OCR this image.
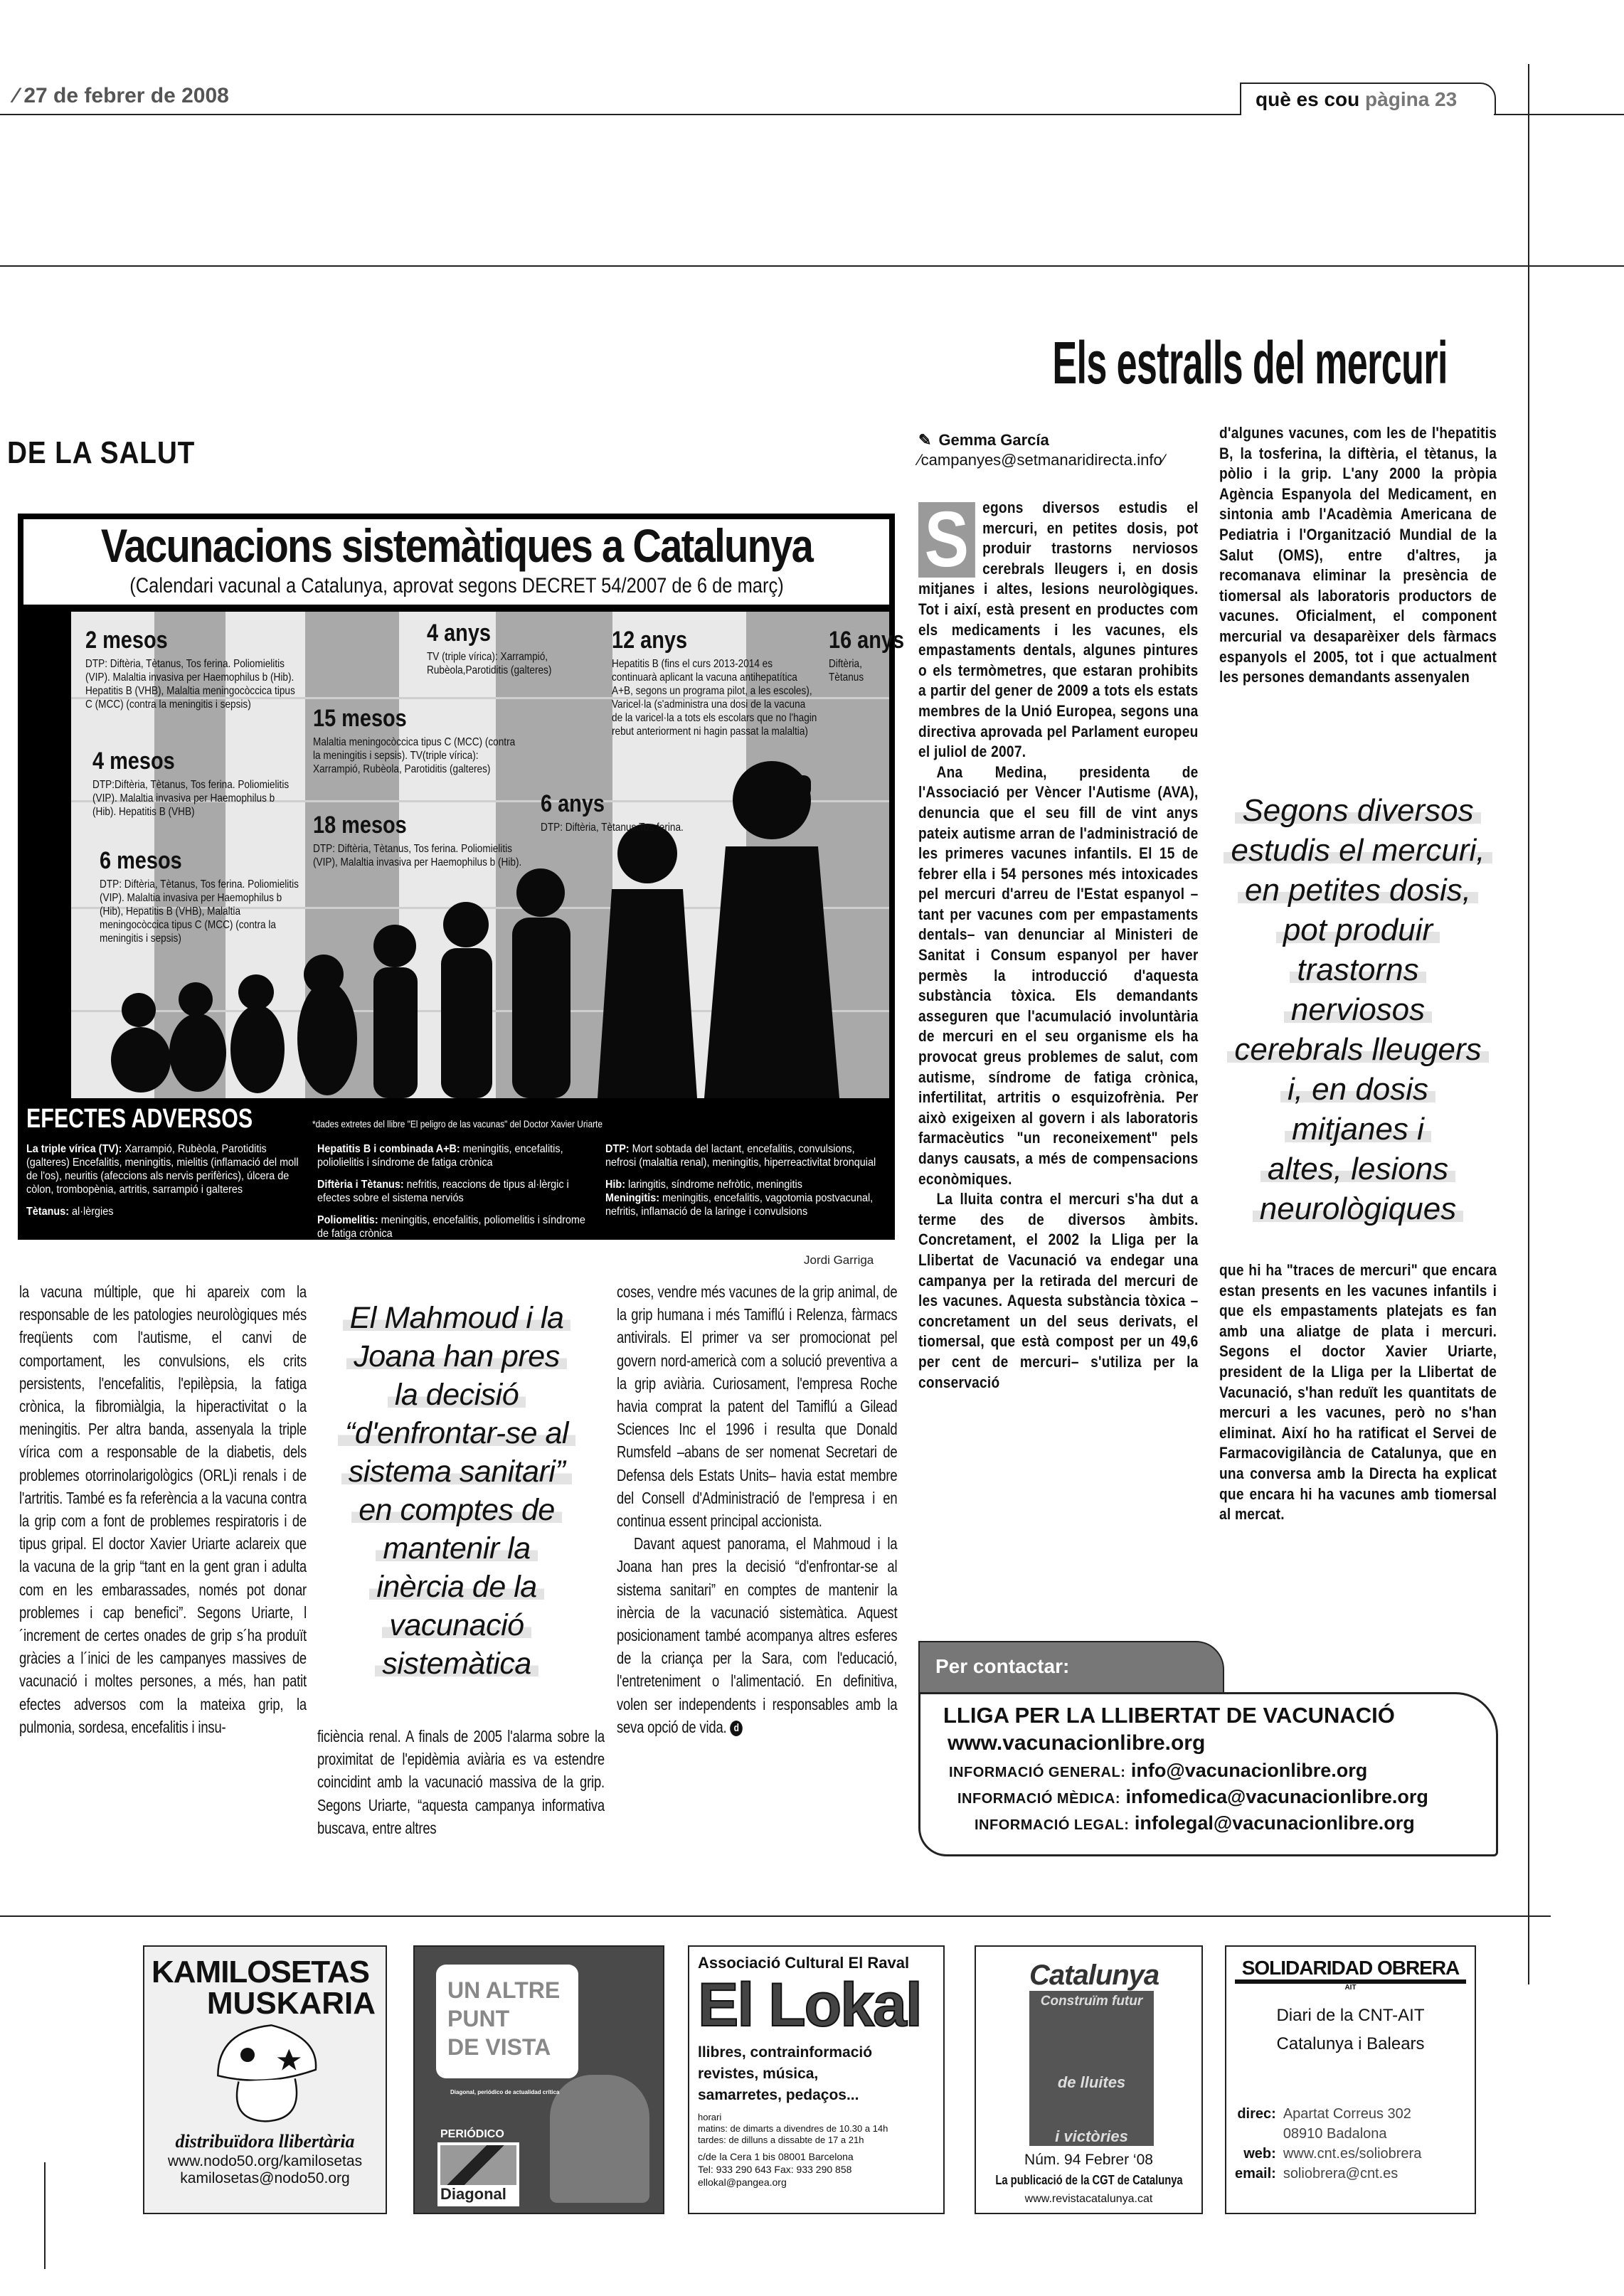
⁄ 27 de febrer de 2008	què es cou pàgina 23
DE LA SALUT
Els estralls del mercuri
Vacunacions sistemàtiques a Catalunya
(Calendari vacunal a Catalunya, aprovat segons DECRET 54/2007 de 6 de març)
2 mesos
DTP: Diftèria, Tètanus, Tos ferina. Poliomielitis (VIP). Malaltia invasiva per Haemophilus b (Hib). Hepatitis B (VHB), Malaltia meningocòccica tipus C (MCC) (contra la meningitis i sepsis)
4 anys
TV (triple vírica): Xarrampió, Rubèola,Parotiditis (galteres)
12 anys
Hepatitis B (fins el curs 2013-2014 es continuarà aplicant la vacuna antihepatítica A+B, segons un programa pilot, a les escoles), Varicel·la (s'administra una dosi de la vacuna de la varicel·la a tots els escolars que no l'hagin rebut anteriorment ni hagin passat la malaltia)
16 anys
Diftèria, Tètanus
15 mesos
Malaltia meningocòccica tipus C (MCC) (contra la meningitis i sepsis). TV(triple vírica): Xarrampió, Rubèola, Parotiditis (galteres)
4 mesos
DTP:Diftèria, Tètanus, Tos ferina. Poliomielitis (VIP). Malaltia invasiva per Haemophilus b (Hib). Hepatitis B (VHB)	6 anys
DTP: Diftèria, Tètanus,Tos ferina.
18 mesos
DTP: Diftèria, Tètanus, Tos ferina. Poliomielitis (VIP), Malaltia invasiva per Haemophilus b (Hib).
6 mesos
DTP: Diftèria, Tètanus, Tos ferina. Poliomielitis (VIP). Malaltia invasiva per Haemophilus b (Hib), Hepatitis B (VHB), Malaltia meningocòccica tipus C (MCC) (contra la meningitis i sepsis)
EFECTES ADVERSOS	*dades extretes del llibre "El peligro de las vacunas" del Doctor Xavier Uriarte

La triple vírica (TV): Xarrampió, Rubèola, Parotiditis (galteres) Encefalitis, meningitis, mielitis (inflamació del moll de l'os), neuritis (afeccions als nervis perifèrics), úlcera de còlon, trombopènia, artritis, sarrampió i galteres

Tètanus: al·lèrgies

Hepatitis B i combinada A+B: meningitis, encefalitis, poliolielitis i síndrome de fatiga crònica

Diftèria i Tètanus: nefritis, reaccions de tipus al·lèrgic i efectes sobre el sistema nerviós

Poliomelitis: meningitis, encefalitis, poliomelitis i síndrome de fatiga crònica

DTP: Mort sobtada del lactant, encefalitis, convulsions, nefrosi (malaltia renal), meningitis, hiperreactivitat bronquial

Hib: laringitis, síndrome nefròtic, meningitis

Meningitis: meningitis, encefalitis, vagotomia postvacunal, nefritis, inflamació de la laringe i convulsions

Jordi Garriga
✎ Gemma García
⁄campanyes@setmanaridirecta.info⁄
S egons diversos estudis el mercuri, en petites dosis, pot produir trastorns nerviosos cerebrals lleugers i, en dosis mitjanes i altes, lesions neurològiques. Tot i així, està present en productes com els medicaments i les vacunes, els empastaments dentals, algunes pintures o els termòmetres, que estaran prohibits a partir del gener de 2009 a tots els estats membres de la Unió Europea, segons una directiva aprovada pel Parlament europeu el juliol de 2007.

Ana Medina, presidenta de l'Associació per Vèncer l'Autisme (AVA), denuncia que el seu fill de vint anys pateix autisme arran de l'administració de les primeres vacunes infantils. El 15 de febrer ella i 54 persones més intoxicades pel mercuri d'arreu de l'Estat espanyol –tant per vacunes com per empastaments dentals– van denunciar al Ministeri de Sanitat i Consum espanyol per haver permès la introducció d'aquesta substància tòxica. Els demandants asseguren que l'acumulació involuntària de mercuri en el seu organisme els ha provocat greus problemes de salut, com autisme, síndrome de fatiga crònica, infertilitat, artritis o esquizofrènia. Per això exigeixen al govern i als laboratoris farmacèutics "un reconeixement" pels danys causats, a més de compensacions econòmiques.

La lluita contra el mercuri s'ha dut a terme des de diversos àmbits. Concretament, el 2002 la Lliga per la Llibertat de Vacunació va endegar una campanya per la retirada del mercuri de les vacunes. Aquesta substància tòxica –concretament un del seus derivats, el tiomersal, que està compost per un 49,6 per cent de mercuri– s'utiliza per la conservació

d'algunes vacunes, com les de l'hepatitis B, la tosferina, la diftèria, el tètanus, la pòlio i la grip. L'any 2000 la pròpia Agència Espanyola del Medicament, en sintonia amb l'Acadèmia Americana de Pediatria i l'Organització Mundial de la Salut (OMS), entre d'altres, ja recomanava eliminar la presència de tiomersal als laboratoris productors de vacunes. Oficialment, el component mercurial va desaparèixer dels fàrmacs espanyols el 2005, tot i que actualment les persones demandants assenyalen

Segons diversos
estudis el mercuri,
en petites dosis,
pot produir
trastorns
nerviosos
cerebrals lleugers
i, en dosis
mitjanes i
altes, lesions
neurològiques

que hi ha "traces de mercuri" que encara estan presents en les vacunes infantils i que els empastaments platejats es fan amb una aliatge de plata i mercuri. Segons el doctor Xavier Uriarte, president de la Lliga per la Llibertat de Vacunació, s'han reduït les quantitats de mercuri a les vacunes, però no s'han eliminat. Així ho ha ratificat el Servei de Farmacovigilància de Catalunya, que en una conversa amb la Directa ha explicat que encara hi ha vacunes amb tiomersal al mercat.

la vacuna múltiple, que hi apareix com la responsable de les patologies neurològiques més freqüents com l'autisme, el canvi de comportament, les convulsions, els crits persistents, l'encefalitis, l'epilèpsia, la fatiga crònica, la fibromiàlgia, la hiperactivitat o la meningitis. Per altra banda, assenyala la triple vírica com a responsable de la diabetis, dels problemes otorrinolarigològics (ORL)i renals i de l'artritis. També es fa referència a la vacuna contra la grip com a font de problemes respiratoris i de tipus gripal. El doctor Xavier Uriarte aclareix que la vacuna de la grip “tant en la gent gran i adulta com en les embarassades, només pot donar problemes i cap benefici”. Segons Uriarte, l´increment de certes onades de grip s´ha produït gràcies a l´inici de les campanyes massives de vacunació i moltes persones, a més, han patit efectes adversos com la mateixa grip, la pulmonia, sordesa, encefalitis i insu-

El Mahmoud i la
Joana han pres
la decisió
“d'enfrontar-se al
sistema sanitari”
en comptes de
mantenir la
inèrcia de la
vacunació
sistemàtica

ficiència renal. A finals de 2005 l'alarma sobre la proximitat de l'epidèmia aviària es va estendre coincidint amb la vacunació massiva de la grip. Segons Uriarte, “aquesta campanya informativa buscava, entre altres

coses, vendre més vacunes de la grip animal, de la grip humana i més Tamiflú i Relenza, fàrmacs antivirals. El primer va ser promocionat pel govern nord-americà com a solució preventiva a la grip aviària. Curiosament, l'empresa Roche havia comprat la patent del Tamiflú a Gilead Sciences Inc el 1996 i resulta que Donald Rumsfeld –abans de ser nomenat Secretari de Defensa dels Estats Units– havia estat membre del Consell d'Administració de l'empresa i en continua essent principal accionista.

Davant aquest panorama, el Mahmoud i la Joana han pres la decisió “d'enfrontar-se al sistema sanitari” en comptes de mantenir la inèrcia de la vacunació sistemàtica. Aquest posicionament també acompanya altres esferes de la criança per la Sara, com l'educació, l'entreteniment o l'alimentació. En definitiva, volen ser independents i responsables amb la seva opció de vida. d

Per contactar:
LLIGA PER LA LLIBERTAT DE VACUNACIÓ
www.vacunacionlibre.org
INFORMACIÓ GENERAL: info@vacunacionlibre.org
INFORMACIÓ MÈDICA: infomedica@vacunacionlibre.org
INFORMACIÓ LEGAL: infolegal@vacunacionlibre.org
KAMILOSETAS
MUSKARIA
distribuïdora llibertària
www.nodo50.org/kamilosetas
kamilosetas@nodo50.org
UN ALTRE
PUNT
DE VISTA
Diagonal, periódico de actualidad crítica
PERIÓDICO
Diagonal
Associació Cultural El Raval
El Lokal
llibres, contrainformació
revistes, música,
samarretes, pedaços...
horari
matins: de dimarts a divendres de 10.30 a 14h
tardes: de dilluns a dissabte de 17 a 21h
c/de la Cera 1 bis 08001 Barcelona
Tel: 933 290 643 Fax: 933 290 858
ellokal@pangea.org
Catalunya
Construïm futur
de lluites
i victòries
Núm. 94 Febrer ‘08
La publicació de la CGT de Catalunya
www.revistacatalunya.cat
SOLIDARIDAD OBRERA
AIT
Diari de la CNT-AIT
Catalunya i Balears
direc:	Apartat Correus 302
	08910 Badalona
web:	www.cnt.es/soliobrera
email:	soliobrera@cnt.es
